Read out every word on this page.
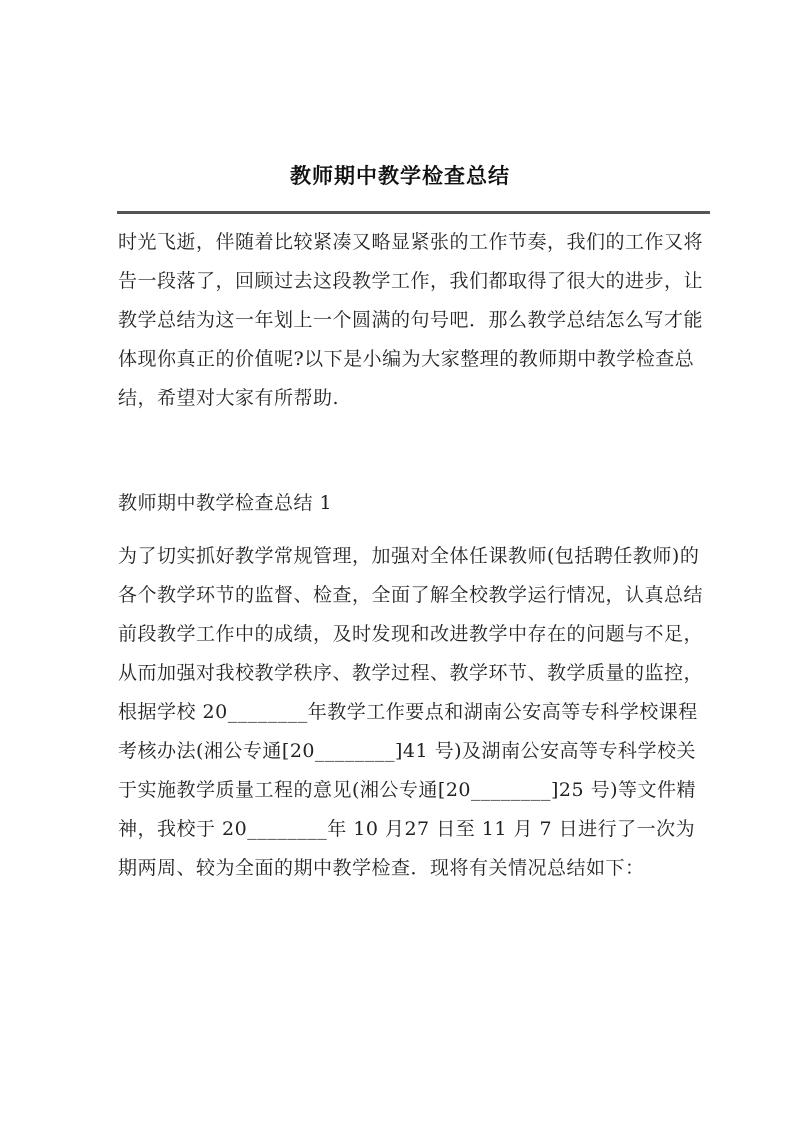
教师期中教学检查总结

时光飞逝，伴随着比较紧凑又略显紧张的工作节奏，我们的工作又将告一段落了，回顾过去这段教学工作，我们都取得了很大的进步，让教学总结为这一年划上一个圆满的句号吧．那么教学总结怎么写才能体现你真正的价值呢?以下是小编为大家整理的教师期中教学检查总结，希望对大家有所帮助.

教师期中教学检查总结 1

为了切实抓好教学常规管理，加强对全体任课教师(包括聘任教师)的各个教学环节的监督、检查，全面了解全校教学运行情况，认真总结前段教学工作中的成绩，及时发现和改进教学中存在的问题与不足，从而加强对我校教学秩序、教学过程、教学环节、教学质量的监控，根据学校 20________年教学工作要点和湖南公安高等专科学校课程考核办法(湘公专通[20________]41 号)及湖南公安高等专科学校关于实施教学质量工程的意见(湘公专通[20________]25 号)等文件精神，我校于 20________年 10 月27 日至 11 月 7 日进行了一次为期两周、较为全面的期中教学检查．现将有关情况总结如下：
